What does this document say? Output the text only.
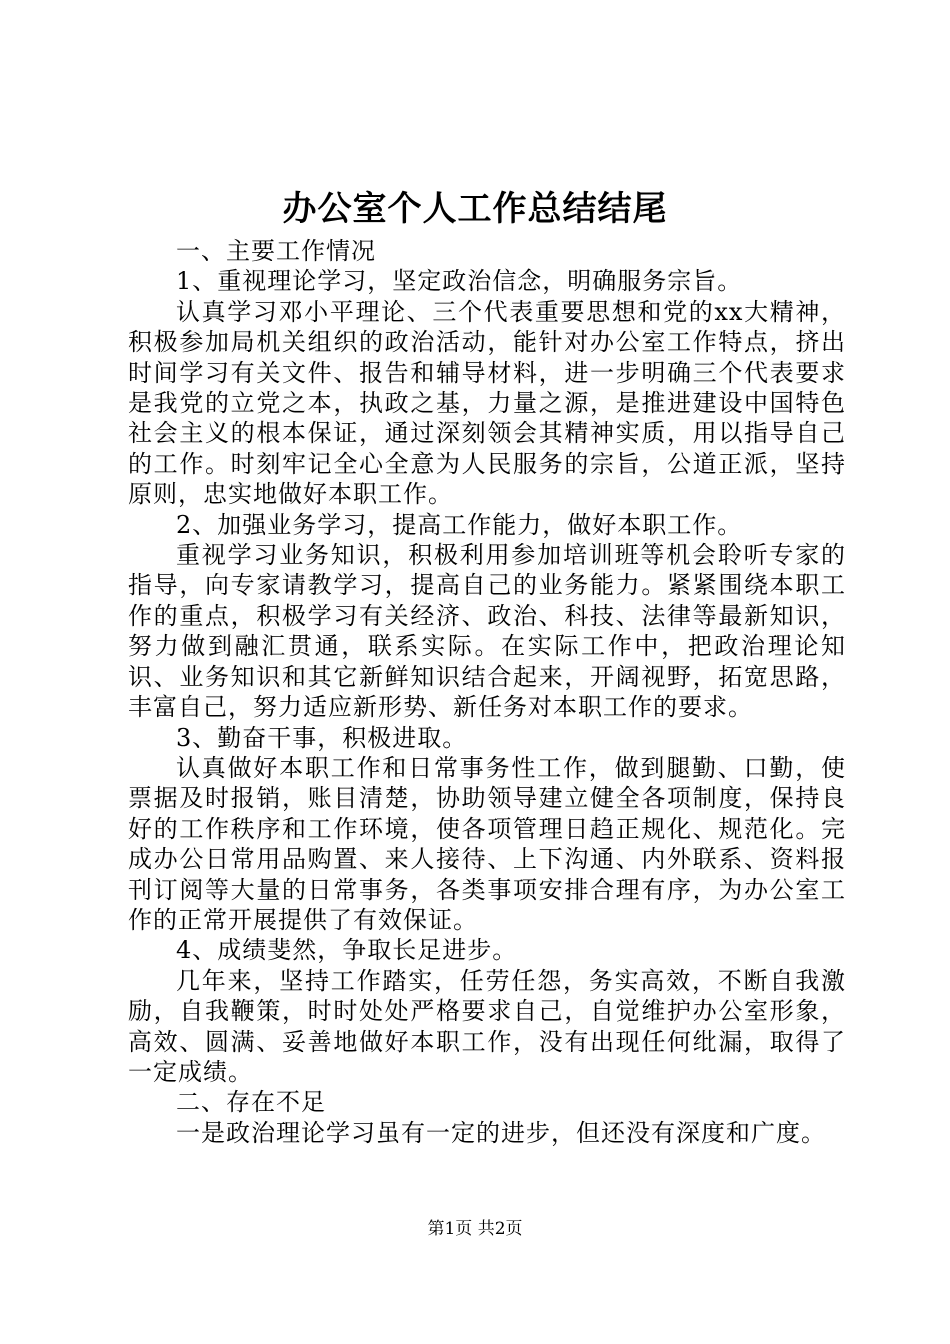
办公室个人工作总结结尾

一、主要工作情况

1、重视理论学习，坚定政治信念，明确服务宗旨。

认真学习邓小平理论、三个代表重要思想和党的xx大精神，积极参加局机关组织的政治活动，能针对办公室工作特点，挤出时间学习有关文件、报告和辅导材料，进一步明确三个代表要求是我党的立党之本，执政之基，力量之源，是推进建设中国特色社会主义的根本保证，通过深刻领会其精神实质，用以指导自己的工作。时刻牢记全心全意为人民服务的宗旨，公道正派，坚持原则，忠实地做好本职工作。

2、加强业务学习，提高工作能力，做好本职工作。

重视学习业务知识，积极利用参加培训班等机会聆听专家的指导，向专家请教学习，提高自己的业务能力。紧紧围绕本职工作的重点，积极学习有关经济、政治、科技、法律等最新知识，努力做到融汇贯通，联系实际。在实际工作中，把政治理论知识、业务知识和其它新鲜知识结合起来，开阔视野，拓宽思路，丰富自己，努力适应新形势、新任务对本职工作的要求。

3、勤奋干事，积极进取。

认真做好本职工作和日常事务性工作，做到腿勤、口勤，使票据及时报销，账目清楚，协助领导建立健全各项制度，保持良好的工作秩序和工作环境，使各项管理日趋正规化、规范化。完成办公日常用品购置、来人接待、上下沟通、内外联系、资料报刊订阅等大量的日常事务，各类事项安排合理有序，为办公室工作的正常开展提供了有效保证。

4、成绩斐然，争取长足进步。

几年来，坚持工作踏实，任劳任怨，务实高效，不断自我激励，自我鞭策，时时处处严格要求自己，自觉维护办公室形象，高效、圆满、妥善地做好本职工作，没有出现任何纰漏，取得了一定成绩。

二、存在不足

一是政治理论学习虽有一定的进步，但还没有深度和广度。

第1页 共2页
